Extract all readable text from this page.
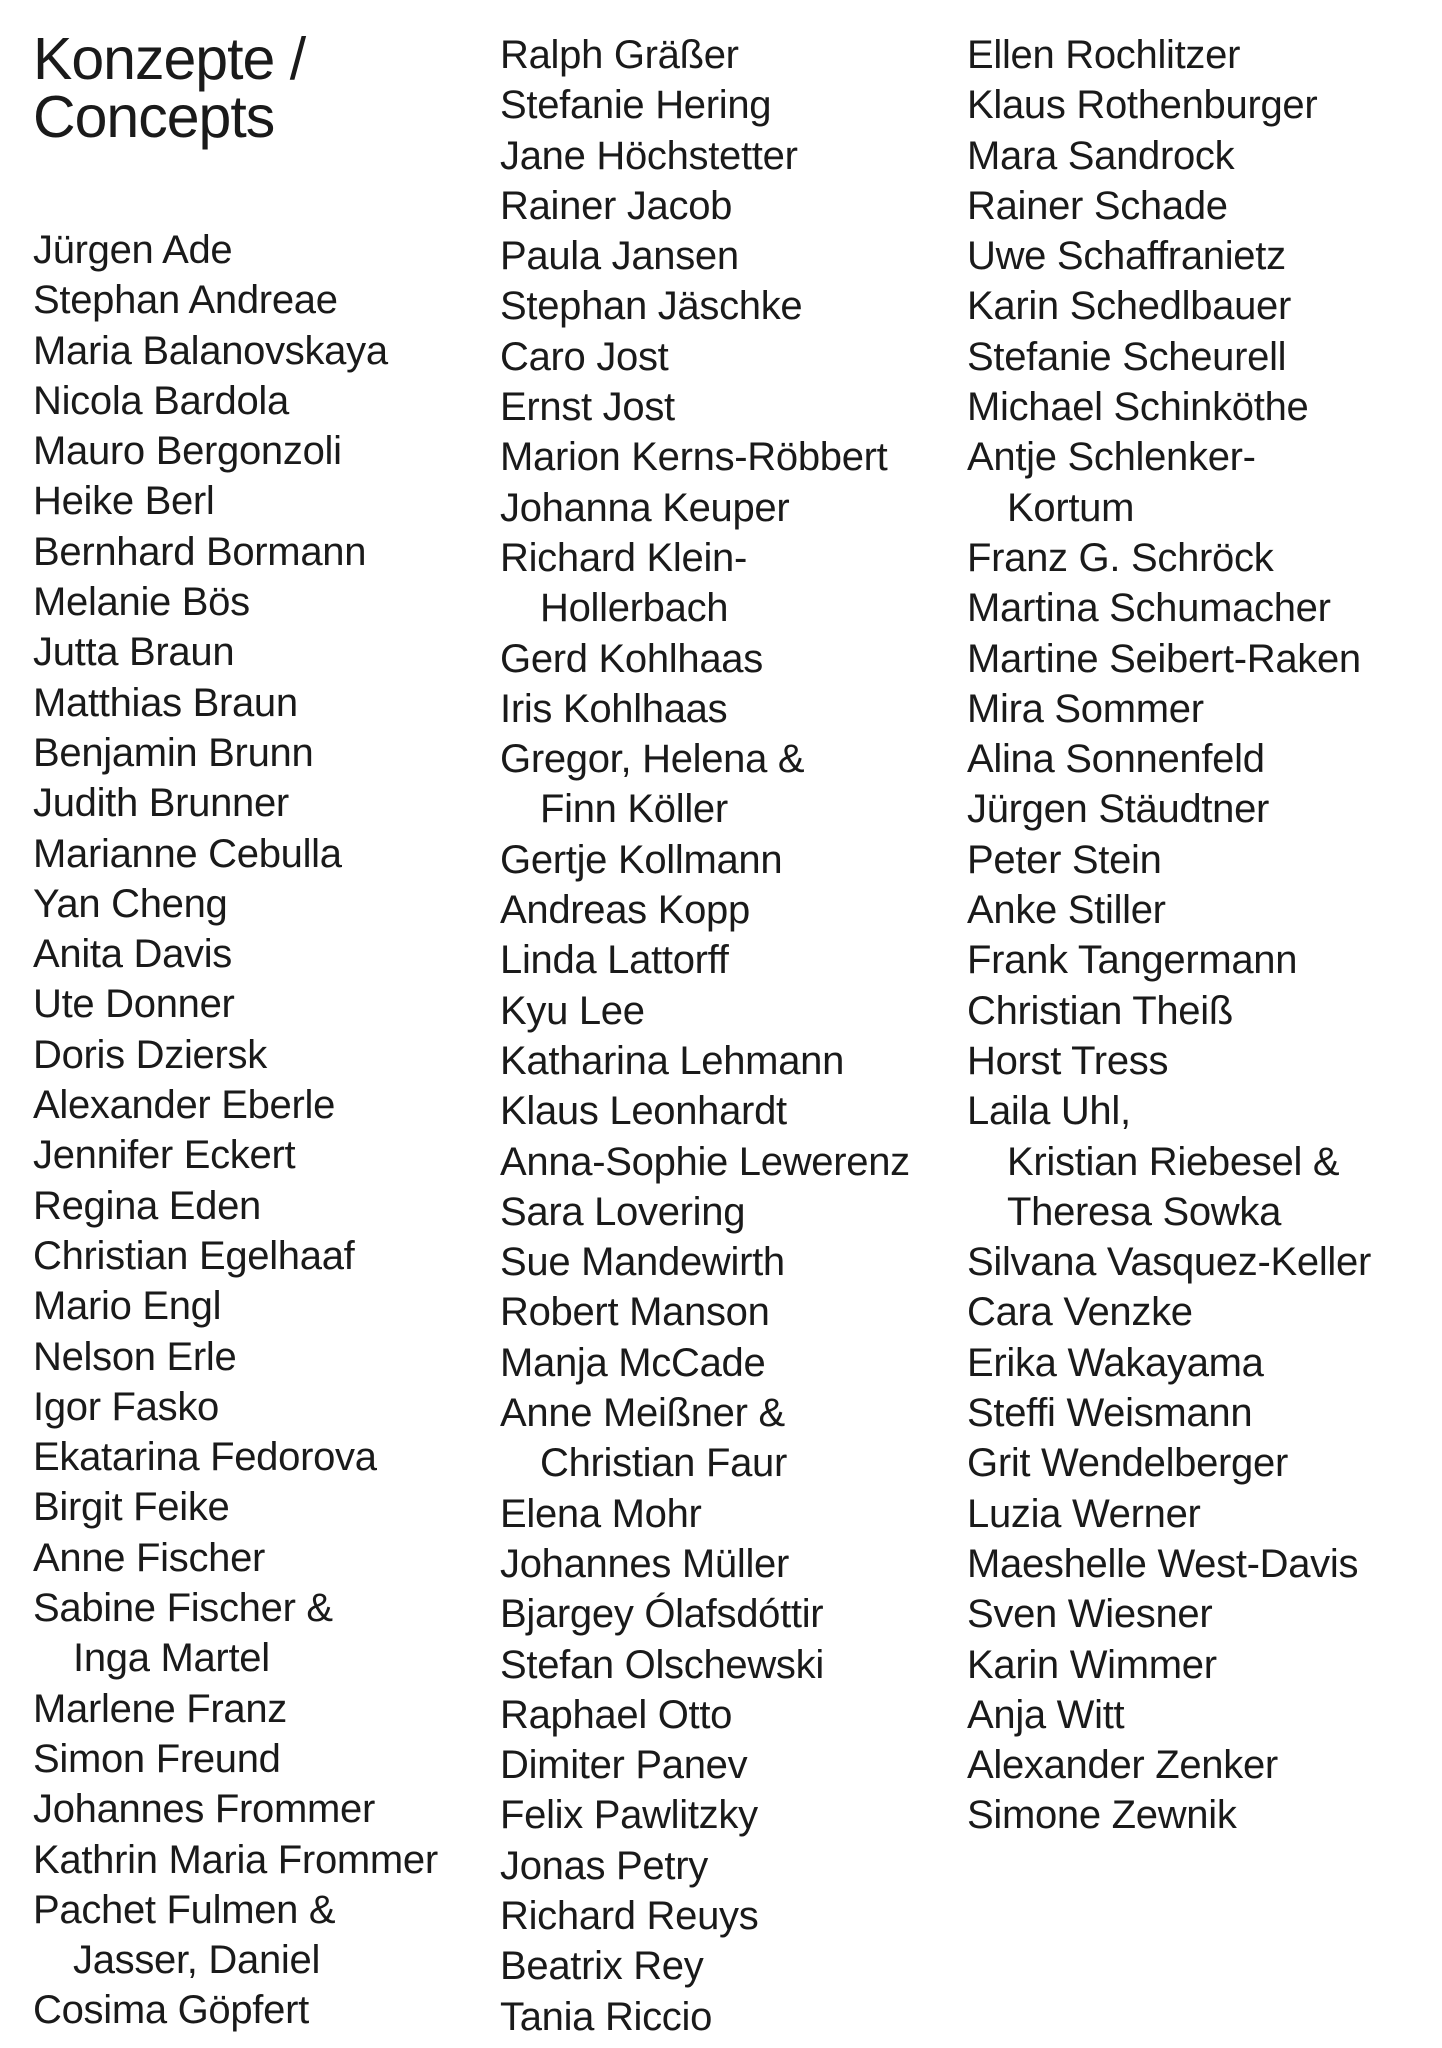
Konzepte /
Concepts
Jürgen Ade
Stephan Andreae
Maria Balanovskaya
Nicola Bardola
Mauro Bergonzoli
Heike Berl
Bernhard Bormann
Melanie Bös
Jutta Braun
Matthias Braun
Benjamin Brunn
Judith Brunner
Marianne Cebulla
Yan Cheng
Anita Davis
Ute Donner
Doris Dziersk
Alexander Eberle
Jennifer Eckert
Regina Eden
Christian Egelhaaf
Mario Engl
Nelson Erle
Igor Fasko
Ekatarina Fedorova
Birgit Feike
Anne Fischer
Sabine Fischer &
Inga Martel
Marlene Franz
Simon Freund
Johannes Frommer
Kathrin Maria Frommer
Pachet Fulmen &
Jasser, Daniel
Cosima Göpfert
Ralph Gräßer
Stefanie Hering
Jane Höchstetter
Rainer Jacob
Paula Jansen
Stephan Jäschke
Caro Jost
Ernst Jost
Marion Kerns-Röbbert
Johanna Keuper
Richard Klein-
Hollerbach
Gerd Kohlhaas
Iris Kohlhaas
Gregor, Helena &
Finn Köller
Gertje Kollmann
Andreas Kopp
Linda Lattorff
Kyu Lee
Katharina Lehmann
Klaus Leonhardt
Anna-Sophie Lewerenz
Sara Lovering
Sue Mandewirth
Robert Manson
Manja McCade
Anne Meißner &
Christian Faur
Elena Mohr
Johannes Müller
Bjargey Ólafsdóttir
Stefan Olschewski
Raphael Otto
Dimiter Panev
Felix Pawlitzky
Jonas Petry
Richard Reuys
Beatrix Rey
Tania Riccio
Ellen Rochlitzer
Klaus Rothenburger
Mara Sandrock
Rainer Schade
Uwe Schaffranietz
Karin Schedlbauer
Stefanie Scheurell
Michael Schinköthe
Antje Schlenker-
Kortum
Franz G. Schröck
Martina Schumacher
Martine Seibert-Raken
Mira Sommer
Alina Sonnenfeld
Jürgen Stäudtner
Peter Stein
Anke Stiller
Frank Tangermann
Christian Theiß
Horst Tress
Laila Uhl,
Kristian Riebesel &
Theresa Sowka
Silvana Vasquez-Keller
Cara Venzke
Erika Wakayama
Steffi Weismann
Grit Wendelberger
Luzia Werner
Maeshelle West-Davis
Sven Wiesner
Karin Wimmer
Anja Witt
Alexander Zenker
Simone Zewnik
